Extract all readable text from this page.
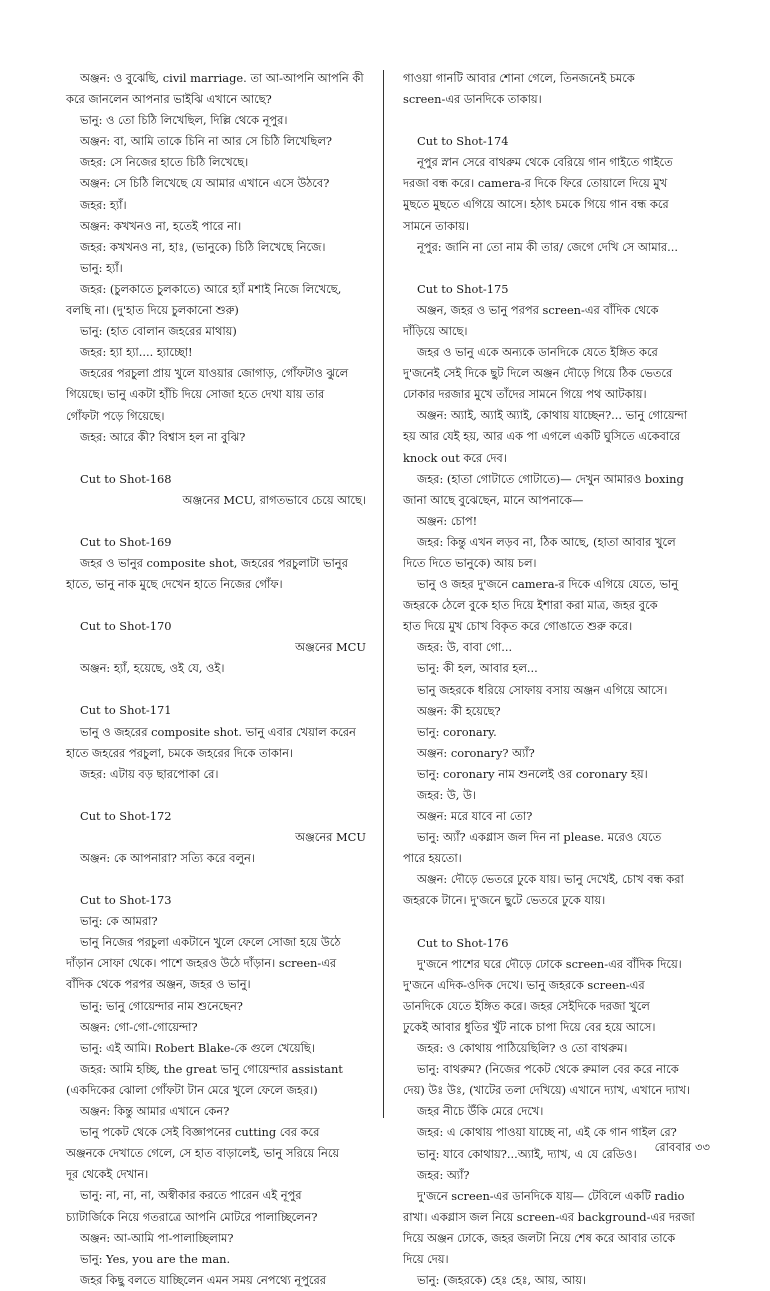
অঞ্জন: ও বুঝেছি, civil marriage. তা আ-আপনি আপনি কী

করে জানলেন আপনার ভাইঝি এখানে আছে?

ভানু: ও তো চিঠি লিখেছিল, দিল্লি থেকে নূপুর।

অঞ্জন: বা, আমি তাকে চিনি না আর সে চিঠি লিখেছিল?

জহর: সে নিজের হাতে চিঠি লিখেছে।

অঞ্জন: সে চিঠি লিখেছে যে আমার এখানে এসে উঠবে?

জহর: হ্যাঁ।

অঞ্জন: কখখনও না, হতেই পারে না।

জহর: কখখনও না, হাঃ, (ভানুকে) চিঠি লিখেছে নিজে।

ভানু: হ্যাঁ।

জহর: (চুলকাতে চুলকাতে) আরে হ্যাঁ মশাই নিজে লিখেছে,

বলছি না। (দু'হাত দিয়ে চুলকানো শুরু)

ভানু: (হাত বোলান জহরের মাথায়)

জহর: হ্যা হ্যা.... হ্যাচ্ছো!

জহরের পরচুলা প্রায় খুলে যাওয়ার জোগাড়, গোঁফটাও ঝুলে

গিয়েছে। ভানু একটা হাঁচি দিয়ে সোজা হতে দেখা যায় তার

গোঁফটা পড়ে গিয়েছে।

জহর: আরে কী? বিশ্বাস হল না বুঝি?

Cut to Shot-168

অঞ্জনের MCU, রাগতভাবে চেয়ে আছে।

Cut to Shot-169

জহর ও ভানুর composite shot, জহরের পরচুলাটা ভানুর

হাতে, ভানু নাক মুছে দেখেন হাতে নিজের গোঁফ।

Cut to Shot-170

অঞ্জনের MCU

অঞ্জন: হ্যাঁ, হয়েছে, ওই যে, ওই।

Cut to Shot-171

ভানু ও জহরের composite shot. ভানু এবার খেয়াল করেন

হাতে জহরের পরচুলা, চমকে জহরের দিকে তাকান।

জহর: এটায় বড় ছারপোকা রে।

Cut to Shot-172

অঞ্জনের MCU

অঞ্জন: কে আপনারা? সত্যি করে বলুন।

Cut to Shot-173

ভানু: কে আমরা?

ভানু নিজের পরচুলা একটানে খুলে ফেলে সোজা হয়ে উঠে

দাঁড়ান সোফা থেকে। পাশে জহরও উঠে দাঁড়ান। screen-এর

বাঁদিক থেকে পরপর অঞ্জন, জহর ও ভানু।

ভানু: ভানু গোয়েন্দার নাম শুনেছেন?

অঞ্জন: গো-গো-গোয়েন্দা?

ভানু: এই আমি। Robert Blake-কে গুলে খেয়েছি।

জহর: আমি হচ্ছি, the great ভানু গোয়েন্দার assistant

(একদিকের ঝোলা গোঁফটা টান মেরে খুলে ফেলে জহর।)

অঞ্জন: কিন্তু আমার এখানে কেন?

ভানু পকেট থেকে সেই বিজ্ঞাপনের cutting বের করে

অঞ্জনকে দেখাতে গেলে, সে হাত বাড়ালেই, ভানু সরিয়ে নিয়ে

দূর থেকেই দেখান।

ভানু: না, না, না, অস্বীকার করতে পারেন এই নূপুর

চ্যাটার্জিকে নিয়ে গতরাত্রে আপনি মোটরে পালাচ্ছিলেন?

অঞ্জন: আ-আমি পা-পালাচ্ছিলাম?

ভানু: Yes, you are the man.

জহর কিছু বলতে যাচ্ছিলেন এমন সময় নেপথ্যে নূপুরের

গাওয়া গানটি আবার শোনা গেলে, তিনজনেই চমকে

screen-এর ডানদিকে তাকায়।

Cut to Shot-174

নূপুর স্নান সেরে বাথরুম থেকে বেরিয়ে গান গাইতে গাইতে

দরজা বন্ধ করে। camera-র দিকে ফিরে তোয়ালে দিয়ে মুখ

মুছতে মুছতে এগিয়ে আসে। হঠাৎ চমকে গিয়ে গান বন্ধ করে

সামনে তাকায়।

নূপুর: জানি না তো নাম কী তার/ জেগে দেখি সে আমার...

Cut to Shot-175

অঞ্জন, জহর ও ভানু পরপর screen-এর বাঁদিক থেকে

দাঁড়িয়ে আছে।

জহর ও ভানু একে অন্যকে ডানদিকে যেতে ইঙ্গিত করে

দু'জনেই সেই দিকে ছুট দিলে অঞ্জন দৌড়ে গিয়ে ঠিক ভেতরে

ঢোকার দরজার মুখে তাঁদের সামনে গিয়ে পথ আটকায়।

অঞ্জন: অ্যাই, অ্যাই অ্যাই, কোথায় যাচ্ছেন?... ভানু গোয়েন্দা

হয় আর যেই হয়, আর এক পা এগলে একটি ঘুসিতে একেবারে

knock out করে দেব।

জহর: (হাতা গোটাতে গোটাতে)— দেখুন আমারও boxing

জানা আছে বুঝেছেন, মানে আপনাকে—

অঞ্জন: চোপ!

জহর: কিন্তু এখন লড়ব না, ঠিক আছে, (হাতা আবার খুলে

দিতে দিতে ভানুকে) আয় চল।

ভানু ও জহর দু'জনে camera-র দিকে এগিয়ে যেতে, ভানু

জহরকে ঠেলে বুকে হাত দিয়ে ইশারা করা মাত্র, জহর বুকে

হাত দিয়ে মুখ চোখ বিকৃত করে গোঙাতে শুরু করে।

জহর: উ, বাবা গো...

ভানু: কী হল, আবার হল...

ভানু জহরকে ধরিয়ে সোফায় বসায় অঞ্জন এগিয়ে আসে।

অঞ্জন: কী হয়েছে?

ভানু: coronary.

অঞ্জন: coronary? অ্যাঁ?

ভানু: coronary নাম শুনলেই ওর coronary হয়।

জহর: উ, উ।

অঞ্জন: মরে যাবে না তো?

ভানু: অ্যাঁ? একগ্লাস জল দিন না please. মরেও যেতে

পারে হয়তো।

অঞ্জন: দৌড়ে ভেতরে ঢুকে যায়। ভানু দেখেই, চোখ বন্ধ করা

জহরকে টানে। দু'জনে ছুটে ভেতরে ঢুকে যায়।

Cut to Shot-176

দু'জনে পাশের ঘরে দৌড়ে ঢোকে screen-এর বাঁদিক দিয়ে।

দু'জনে এদিক-ওদিক দেখে। ভানু জহরকে screen-এর

ডানদিকে যেতে ইঙ্গিত করে। জহর সেইদিকে দরজা খুলে

ঢুকেই আবার ধুতির খুঁট নাকে চাপা দিয়ে বের হয়ে আসে।

জহর: ও কোথায় পাঠিয়েছিলি? ও তো বাথরুম।

ভানু: বাথরুম? (নিজের পকেট থেকে রুমাল বের করে নাকে

দেয়) উঃ উঃ, (খাটের তলা দেখিয়ে) এখানে দ্যাখ, এখানে দ্যাখ।

জহর নীচে উঁকি মেরে দেখে।

জহর: এ কোথায় পাওয়া যাচ্ছে না, এই কে গান গাইল রে?

ভানু: যাবে কোথায়?...অ্যাই, দ্যাখ, এ যে রেডিও।

জহর: অ্যাঁ?

দু'জনে screen-এর ডানদিকে যায়— টেবিলে একটি radio

রাখা। একগ্লাস জল নিয়ে screen-এর background-এর দরজা

দিয়ে অঞ্জন ঢোকে, জহর জলটা নিয়ে শেষ করে আবার তাকে

দিয়ে দেয়।

ভানু: (জহরকে) হেঃ হেঃ, আয়, আয়।

রোববার ৩৩
